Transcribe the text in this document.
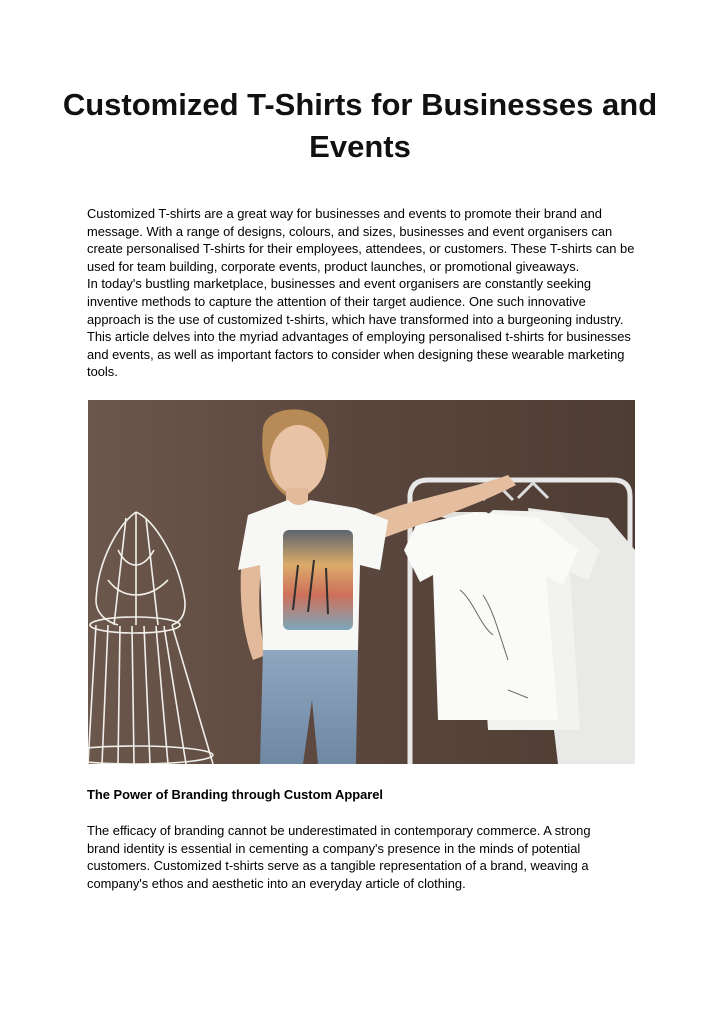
Customized T-Shirts for Businesses and Events

Customized T-shirts are a great way for businesses and events to promote their brand and message. With a range of designs, colours, and sizes, businesses and event organisers can create personalised T-shirts for their employees, attendees, or customers. These T-shirts can be used for team building, corporate events, product launches, or promotional giveaways.

In today's bustling marketplace, businesses and event organisers are constantly seeking inventive methods to capture the attention of their target audience. One such innovative approach is the use of customized t-shirts, which have transformed into a burgeoning industry. This article delves into the myriad advantages of employing personalised t-shirts for businesses and events, as well as important factors to consider when designing these wearable marketing tools.

The Power of Branding through Custom Apparel

The efficacy of branding cannot be underestimated in contemporary commerce. A strong brand identity is essential in cementing a company's presence in the minds of potential customers. Customized t-shirts serve as a tangible representation of a brand, weaving a company's ethos and aesthetic into an everyday article of clothing.
